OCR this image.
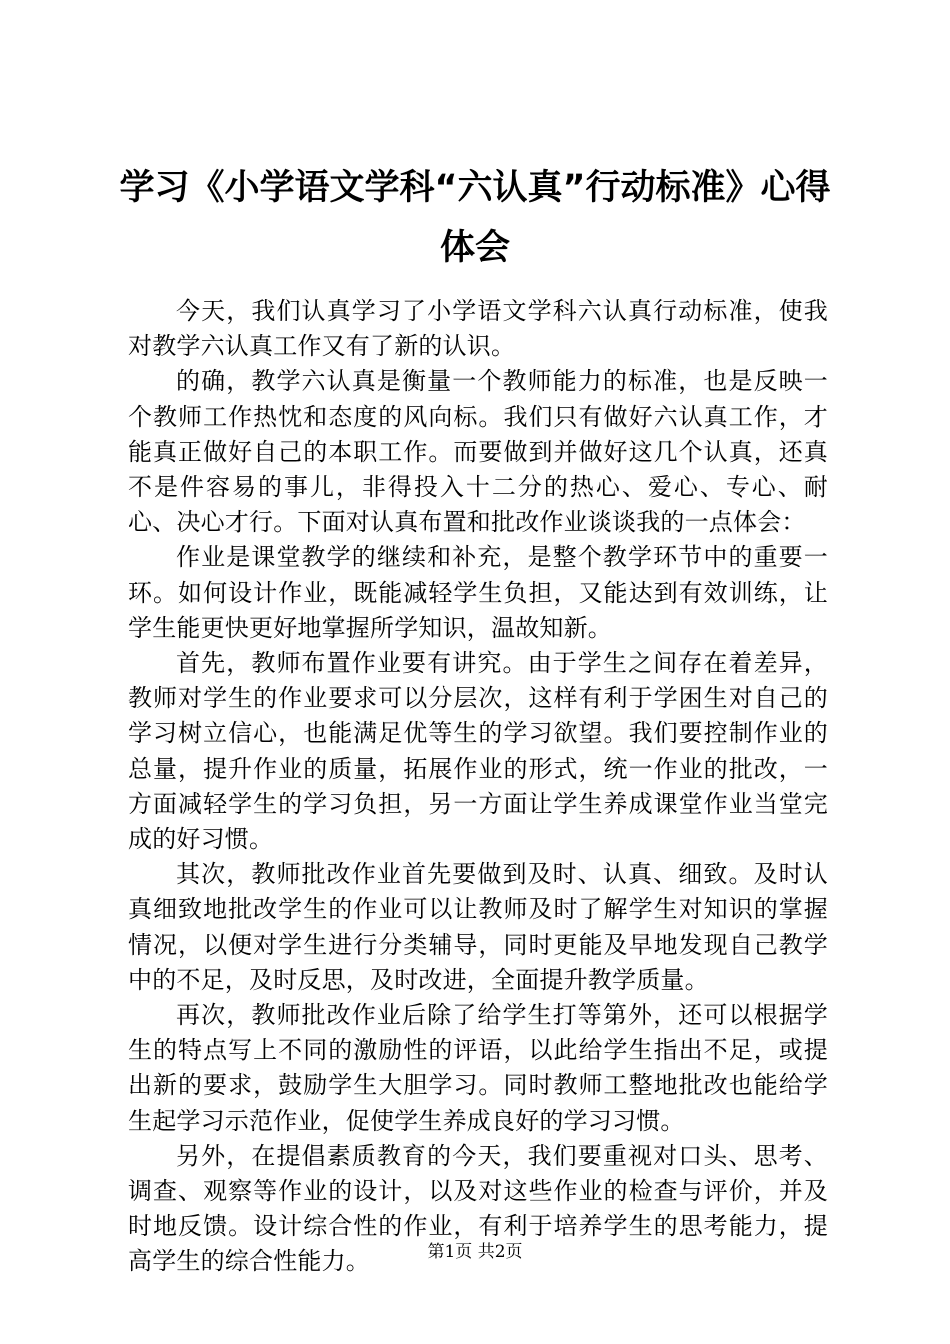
学习《小学语文学科“六认真”行动标准》心得体会

今天，我们认真学习了小学语文学科六认真行动标准，使我对教学六认真工作又有了新的认识。

的确，教学六认真是衡量一个教师能力的标准，也是反映一个教师工作热忱和态度的风向标。我们只有做好六认真工作，才能真正做好自己的本职工作。而要做到并做好这几个认真，还真不是件容易的事儿，非得投入十二分的热心、爱心、专心、耐心、决心才行。下面对认真布置和批改作业谈谈我的一点体会：

作业是课堂教学的继续和补充，是整个教学环节中的重要一环。如何设计作业，既能减轻学生负担，又能达到有效训练，让学生能更快更好地掌握所学知识，温故知新。

首先，教师布置作业要有讲究。由于学生之间存在着差异，教师对学生的作业要求可以分层次，这样有利于学困生对自己的学习树立信心，也能满足优等生的学习欲望。我们要控制作业的总量，提升作业的质量，拓展作业的形式，统一作业的批改，一方面减轻学生的学习负担，另一方面让学生养成课堂作业当堂完成的好习惯。

其次，教师批改作业首先要做到及时、认真、细致。及时认真细致地批改学生的作业可以让教师及时了解学生对知识的掌握情况，以便对学生进行分类辅导，同时更能及早地发现自己教学中的不足，及时反思，及时改进，全面提升教学质量。

再次，教师批改作业后除了给学生打等第外，还可以根据学生的特点写上不同的激励性的评语，以此给学生指出不足，或提出新的要求，鼓励学生大胆学习。同时教师工整地批改也能给学生起学习示范作业，促使学生养成良好的学习习惯。

另外，在提倡素质教育的今天，我们要重视对口头、思考、调查、观察等作业的设计，以及对这些作业的检查与评价，并及时地反馈。设计综合性的作业，有利于培养学生的思考能力，提高学生的综合性能力。	第1页 共2页
